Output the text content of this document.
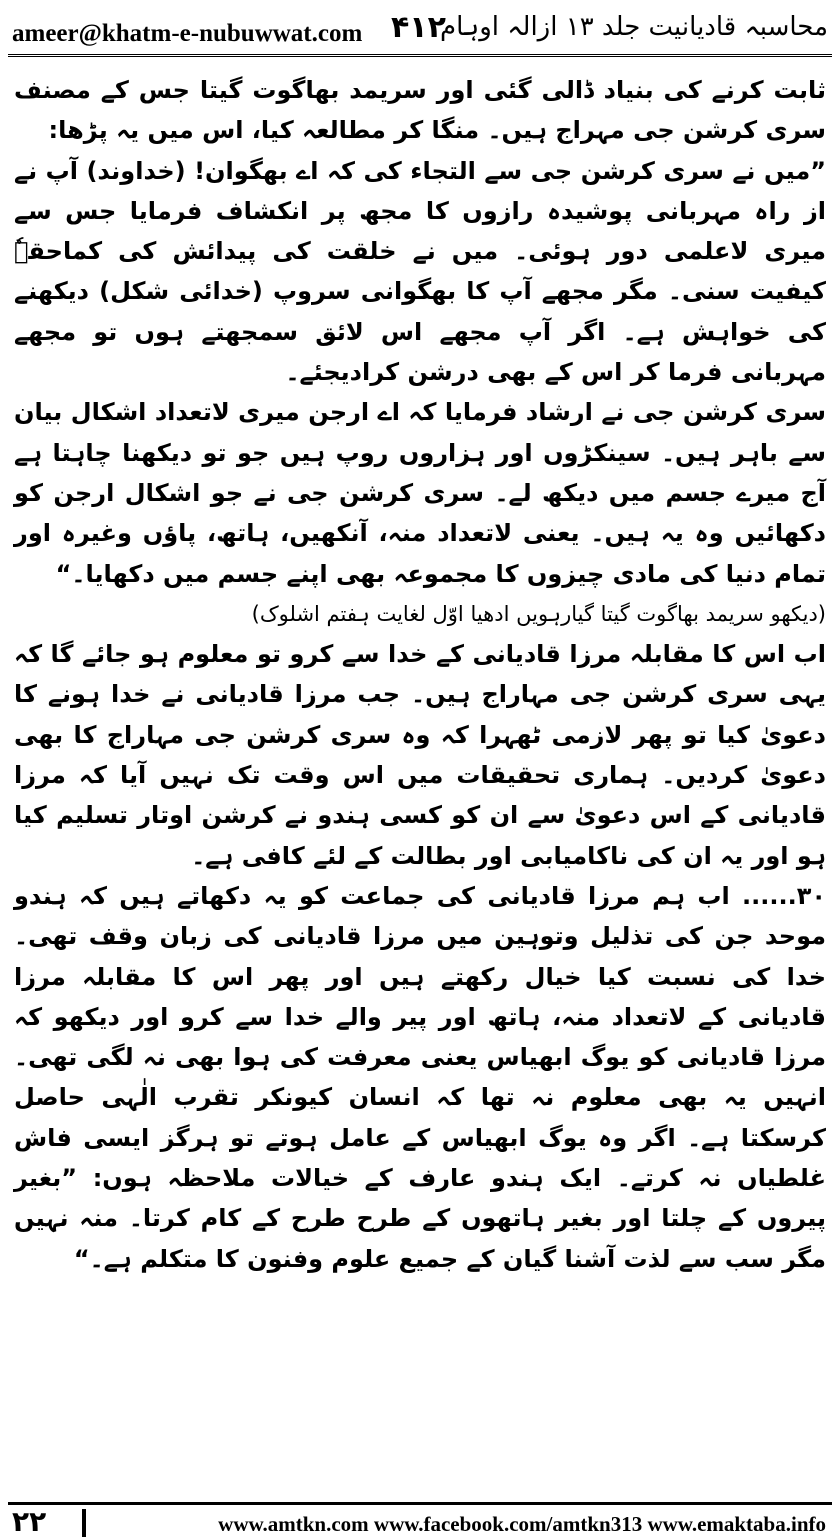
ameer@khatm-e-nubuwwat.com ۴۱۲
محاسبہ قادیانیت جلد ۱۳ ازالہ اوہام

ثابت کرنے کی بنیاد ڈالی گئی اور سریمد بھاگوت گیتا جس کے مصنف سری کرشن جی مہراج ہیں۔ منگا کر مطالعہ کیا، اس میں یہ پڑھا:

”میں نے سری کرشن جی سے التجاء کی کہ اے بھگوان! (خداوند) آپ نے از راہ مہربانی پوشیدہ رازوں کا مجھ پر انکشاف فرمایا جس سے میری لاعلمی دور ہوئی۔ میں نے خلقت کی پیدائش کی کماحقہٗ کیفیت سنی۔ مگر مجھے آپ کا بھگوانی سروپ (خدائی شکل) دیکھنے کی خواہش ہے۔ اگر آپ مجھے اس لائق سمجھتے ہوں تو مجھے مہربانی فرما کر اس کے بھی درشن کرادیجئے۔

سری کرشن جی نے ارشاد فرمایا کہ اے ارجن میری لاتعداد اشکال بیان سے باہر ہیں۔ سینکڑوں اور ہزاروں روپ ہیں جو تو دیکھنا چاہتا ہے آج میرے جسم میں دیکھ لے۔ سری کرشن جی نے جو اشکال ارجن کو دکھائیں وہ یہ ہیں۔ یعنی لاتعداد منہ، آنکھیں، ہاتھ، پاؤں وغیرہ اور تمام دنیا کی مادی چیزوں کا مجموعہ بھی اپنے جسم میں دکھایا۔“

(دیکھو سریمد بھاگوت گیتا گیارہویں ادھیا اوّل لغایت ہفتم اشلوک)

اب اس کا مقابلہ مرزا قادیانی کے خدا سے کرو تو معلوم ہو جائے گا کہ یہی سری کرشن جی مہاراج ہیں۔ جب مرزا قادیانی نے خدا ہونے کا دعویٰ کیا تو پھر لازمی ٹھہرا کہ وہ سری کرشن جی مہاراج کا بھی دعویٰ کردیں۔ ہماری تحقیقات میں اس وقت تک نہیں آیا کہ مرزا قادیانی کے اس دعویٰ سے ان کو کسی ہندو نے کرشن اوتار تسلیم کیا ہو اور یہ ان کی ناکامیابی اور بطالت کے لئے کافی ہے۔

۳۰...... اب ہم مرزا قادیانی کی جماعت کو یہ دکھاتے ہیں کہ ہندو موحد جن کی تذلیل وتوہین میں مرزا قادیانی کی زبان وقف تھی۔ خدا کی نسبت کیا خیال رکھتے ہیں اور پھر اس کا مقابلہ مرزا قادیانی کے لاتعداد منہ، ہاتھ اور پیر والے خدا سے کرو اور دیکھو کہ مرزا قادیانی کو یوگ ابھیاس یعنی معرفت کی ہوا بھی نہ لگی تھی۔ انہیں یہ بھی معلوم نہ تھا کہ انسان کیونکر تقرب الٰہی حاصل کرسکتا ہے۔ اگر وہ یوگ ابھیاس کے عامل ہوتے تو ہرگز ایسی فاش غلطیاں نہ کرتے۔ ایک ہندو عارف کے خیالات ملاحظہ ہوں: ”بغیر پیروں کے چلتا اور بغیر ہاتھوں کے طرح طرح کے کام کرتا۔ منہ نہیں مگر سب سے لذت آشنا گیان کے جمیع علوم وفنون کا متکلم ہے۔“

۲۲	www.amtkn.com www.facebook.com/amtkn313 www.emaktaba.info
